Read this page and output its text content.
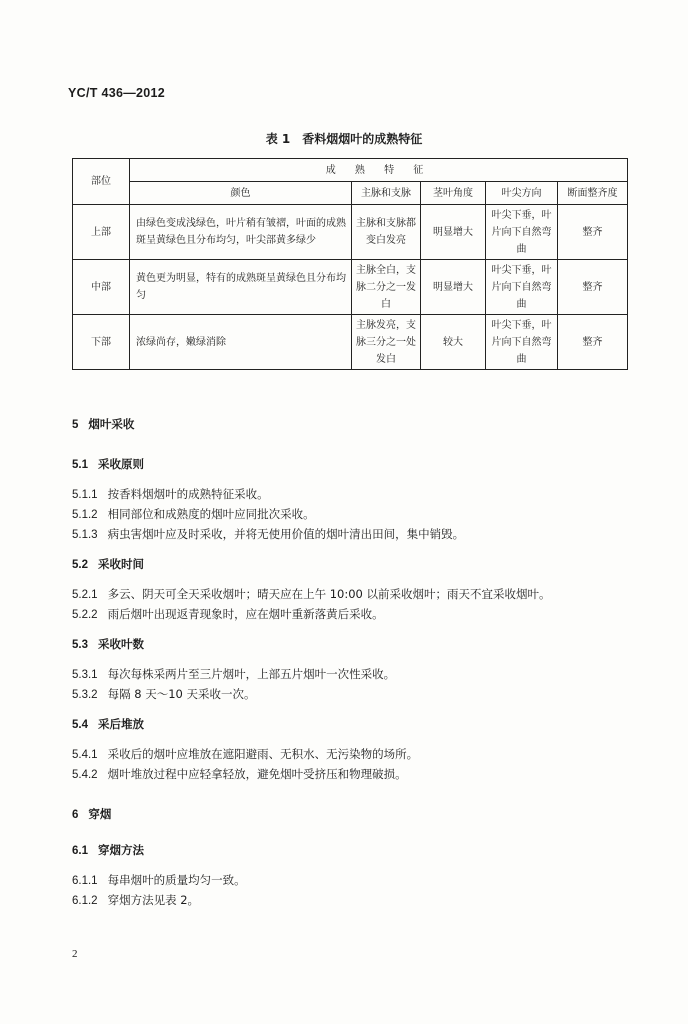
YC/T 436—2012
表 1　香料烟烟叶的成熟特征
部位	成 熟 特 征				
	颜色	主脉和支脉	茎叶角度	叶尖方向	断面整齐度
上部	由绿色变成浅绿色，叶片稍有皱褶，叶面的成熟斑呈黄绿色且分布均匀，叶尖部黄多绿少	主脉和支脉都变白发亮	明显增大	叶尖下垂，叶片向下自然弯曲	整齐
中部	黄色更为明显，特有的成熟斑呈黄绿色且分布均匀	主脉全白，支脉二分之一发白	明显增大	叶尖下垂，叶片向下自然弯曲	整齐
下部	浓绿尚存，嫩绿消除	主脉发亮，支脉三分之一处发白	较大	叶尖下垂，叶片向下自然弯曲	整齐
5 烟叶采收
5.1 采收原则
5.1.1 按香料烟烟叶的成熟特征采收。
5.1.2 相同部位和成熟度的烟叶应同批次采收。
5.1.3 病虫害烟叶应及时采收，并将无使用价值的烟叶清出田间，集中销毁。
5.2 采收时间
5.2.1 多云、阴天可全天采收烟叶；晴天应在上午 10:00 以前采收烟叶；雨天不宜采收烟叶。
5.2.2 雨后烟叶出现返青现象时，应在烟叶重新落黄后采收。
5.3 采收叶数
5.3.1 每次每株采两片至三片烟叶，上部五片烟叶一次性采收。
5.3.2 每隔 8 天～10 天采收一次。
5.4 采后堆放
5.4.1 采收后的烟叶应堆放在遮阳避雨、无积水、无污染物的场所。
5.4.2 烟叶堆放过程中应轻拿轻放，避免烟叶受挤压和物理破损。
6 穿烟
6.1 穿烟方法
6.1.1 每串烟叶的质量均匀一致。
6.1.2 穿烟方法见表 2。
2
